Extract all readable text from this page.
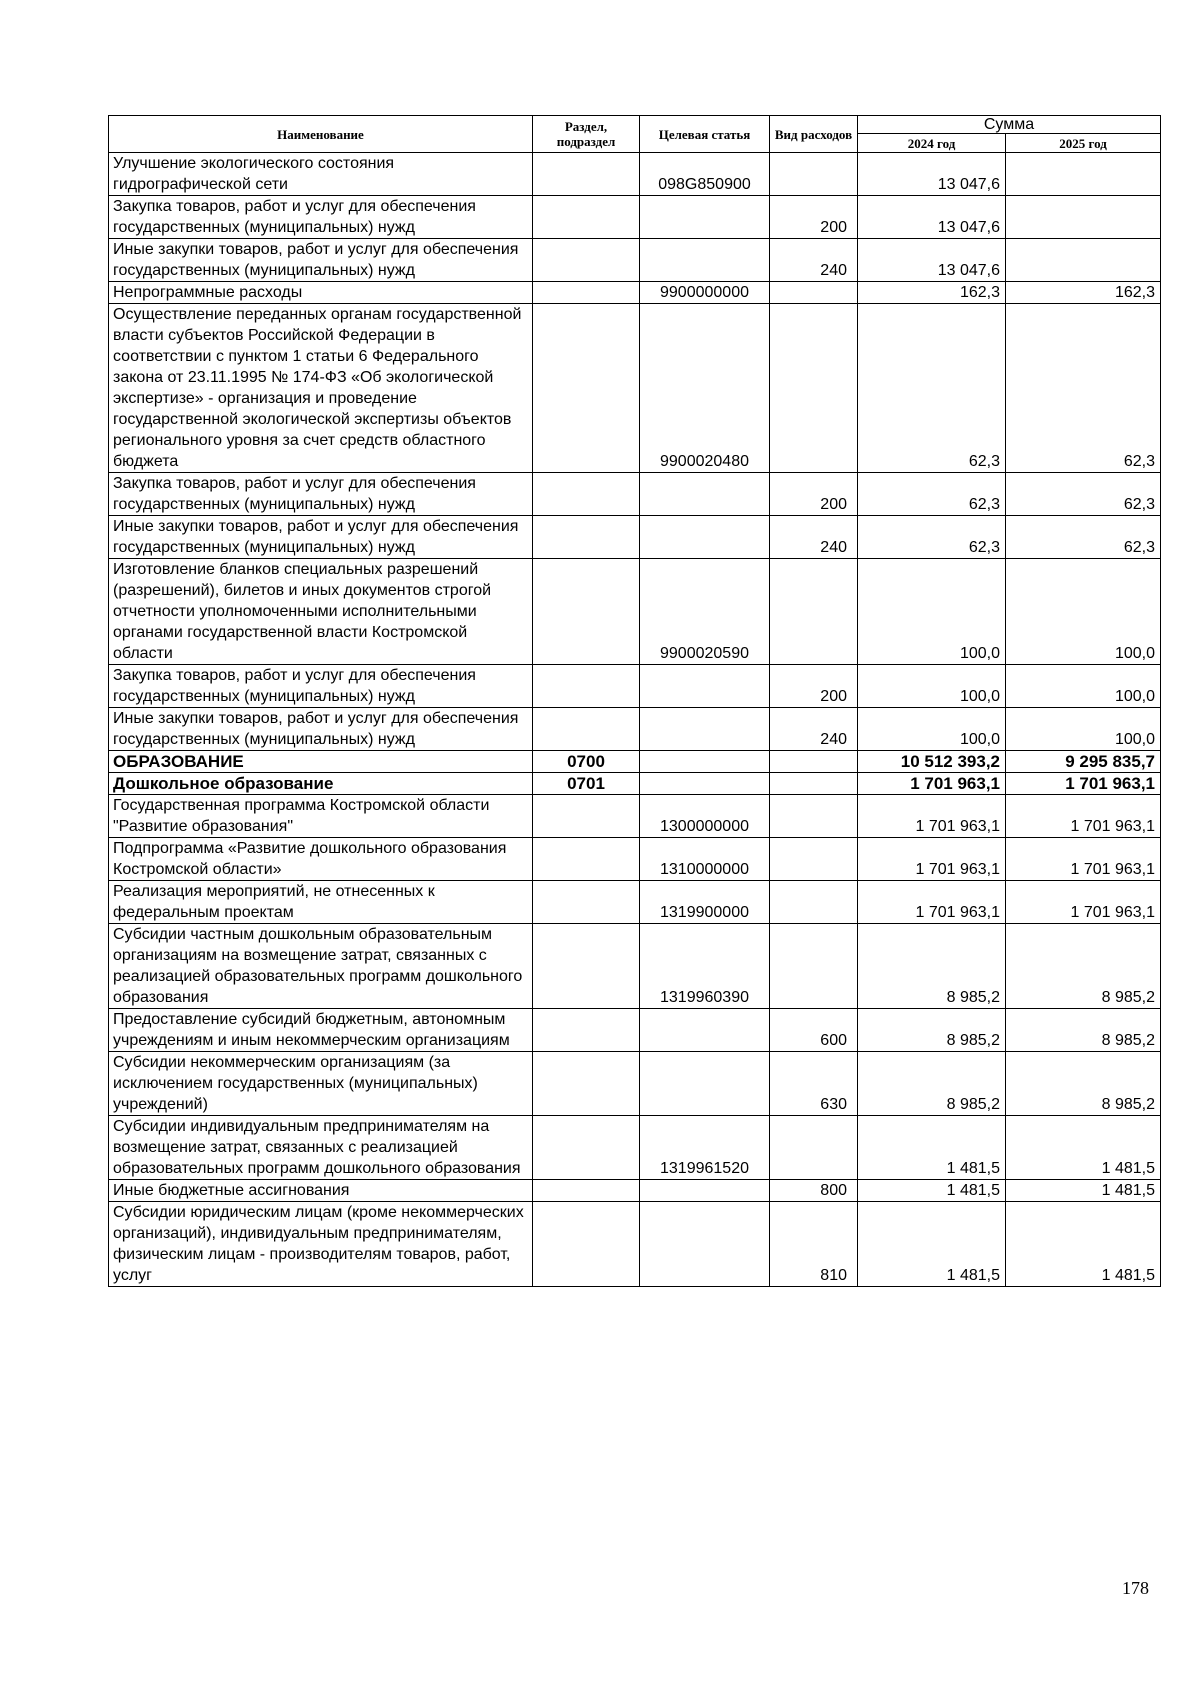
Наименование	Раздел, подраздел	Целевая статья	Вид расходов	Сумма	
				2024 год	2025 год
Улучшение экологического состояния гидрографической сети		098G850900		13 047,6	
Закупка товаров, работ и услуг для обеспечения государственных (муниципальных) нужд			200	13 047,6	
Иные закупки товаров, работ и услуг для обеспечения государственных (муниципальных) нужд			240	13 047,6	
Непрограммные расходы		9900000000		162,3	162,3
Осуществление переданных органам государственной власти субъектов Российской Федерации в соответствии с пунктом 1 статьи 6 Федерального закона от 23.11.1995 № 174-ФЗ «Об экологической экспертизе» - организация и проведение государственной экологической экспертизы объектов регионального уровня за счет средств областного бюджета		9900020480		62,3	62,3
Закупка товаров, работ и услуг для обеспечения государственных (муниципальных) нужд			200	62,3	62,3
Иные закупки товаров, работ и услуг для обеспечения государственных (муниципальных) нужд			240	62,3	62,3
Изготовление бланков специальных разрешений (разрешений), билетов и иных документов строгой отчетности уполномоченными исполнительными органами государственной власти Костромской области		9900020590		100,0	100,0
Закупка товаров, работ и услуг для обеспечения государственных (муниципальных) нужд			200	100,0	100,0
Иные закупки товаров, работ и услуг для обеспечения государственных (муниципальных) нужд			240	100,0	100,0
ОБРАЗОВАНИЕ	0700			10 512 393,2	9 295 835,7
Дошкольное образование	0701			1 701 963,1	1 701 963,1
Государственная программа Костромской области "Развитие образования"		1300000000		1 701 963,1	1 701 963,1
Подпрограмма «Развитие дошкольного образования Костромской области»		1310000000		1 701 963,1	1 701 963,1
Реализация мероприятий, не отнесенных к федеральным проектам		1319900000		1 701 963,1	1 701 963,1
Субсидии частным дошкольным образовательным организациям на возмещение затрат, связанных с реализацией образовательных программ дошкольного образования		1319960390		8 985,2	8 985,2
Предоставление субсидий бюджетным, автономным учреждениям и иным некоммерческим организациям			600	8 985,2	8 985,2
Субсидии некоммерческим организациям (за исключением государственных (муниципальных) учреждений)			630	8 985,2	8 985,2
Субсидии индивидуальным предпринимателям на возмещение затрат, связанных с реализацией образовательных программ дошкольного образования		1319961520		1 481,5	1 481,5
Иные бюджетные ассигнования			800	1 481,5	1 481,5
Субсидии юридическим лицам (кроме некоммерческих организаций), индивидуальным предпринимателям, физическим лицам - производителям товаров, работ, услуг			810	1 481,5	1 481,5
178
